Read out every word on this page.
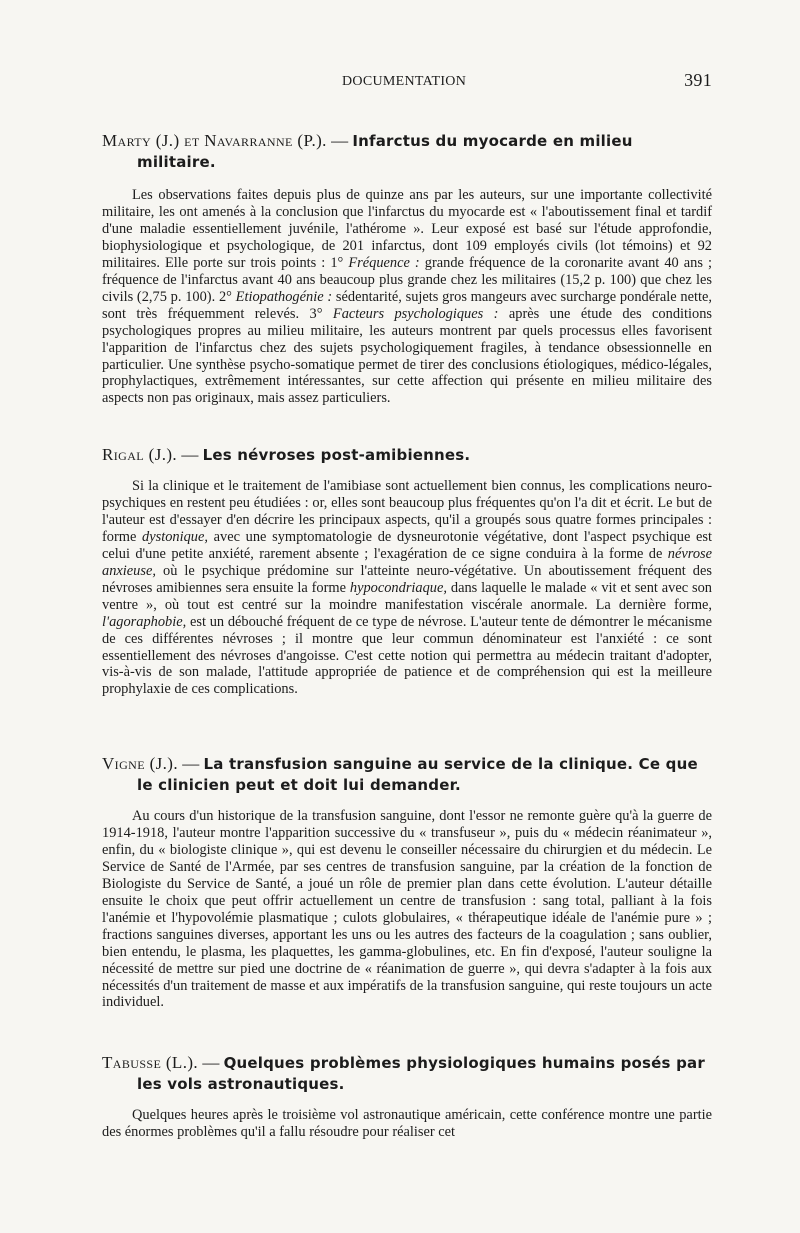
DOCUMENTATION	391

Marty (J.) et Navarranne (P.). — Infarctus du myocarde en milieu
militaire.

Les observations faites depuis plus de quinze ans par les auteurs, sur une importante collectivité militaire, les ont amenés à la conclusion que l'infarctus du myocarde est « l'aboutissement final et tardif d'une maladie essentiellement juvénile, l'athérome ». Leur exposé est basé sur l'étude approfondie, biophysiologique et psychologique, de 201 infarctus, dont 109 employés civils (lot témoins) et 92 militaires. Elle porte sur trois points : 1° Fréquence : grande fréquence de la coronarite avant 40 ans ; fréquence de l'infarctus avant 40 ans beaucoup plus grande chez les militaires (15,2 p. 100) que chez les civils (2,75 p. 100). 2° Etiopathogénie : sédentarité, sujets gros mangeurs avec surcharge pondérale nette, sont très fréquemment relevés. 3° Facteurs psychologiques : après une étude des conditions psychologiques propres au milieu militaire, les auteurs montrent par quels processus elles favorisent l'apparition de l'infarctus chez des sujets psychologiquement fragiles, à tendance obsessionnelle en particulier. Une synthèse psycho-somatique permet de tirer des conclusions étiologiques, médico-légales, prophylactiques, extrêmement intéressantes, sur cette affection qui présente en milieu militaire des aspects non pas originaux, mais assez particuliers.

Rigal (J.). — Les névroses post-amibiennes.

Si la clinique et le traitement de l'amibiase sont actuellement bien connus, les complications neuro-psychiques en restent peu étudiées : or, elles sont beaucoup plus fréquentes qu'on l'a dit et écrit. Le but de l'auteur est d'essayer d'en décrire les principaux aspects, qu'il a groupés sous quatre formes principales : forme dystonique, avec une symptomatologie de dysneurotonie végétative, dont l'aspect psychique est celui d'une petite anxiété, rarement absente ; l'exagération de ce signe conduira à la forme de névrose anxieuse, où le psychique prédomine sur l'atteinte neuro-végétative. Un aboutissement fréquent des névroses amibiennes sera ensuite la forme hypocondriaque, dans laquelle le malade « vit et sent avec son ventre », où tout est centré sur la moindre manifestation viscérale anormale. La dernière forme, l'agoraphobie, est un débouché fréquent de ce type de névrose. L'auteur tente de démontrer le mécanisme de ces différentes névroses ; il montre que leur commun dénominateur est l'anxiété : ce sont essentiellement des névroses d'angoisse. C'est cette notion qui permettra au médecin traitant d'adopter, vis-à-vis de son malade, l'attitude appropriée de patience et de compréhension qui est la meilleure prophylaxie de ces complications.

Vigne (J.). — La transfusion sanguine au service de la clinique. Ce que
le clinicien peut et doit lui demander.

Au cours d'un historique de la transfusion sanguine, dont l'essor ne remonte guère qu'à la guerre de 1914-1918, l'auteur montre l'apparition successive du « transfuseur », puis du « médecin réanimateur », enfin, du « biologiste clinique », qui est devenu le conseiller nécessaire du chirurgien et du médecin. Le Service de Santé de l'Armée, par ses centres de transfusion sanguine, par la création de la fonction de Biologiste du Service de Santé, a joué un rôle de premier plan dans cette évolution. L'auteur détaille ensuite le choix que peut offrir actuellement un centre de transfusion : sang total, palliant à la fois l'anémie et l'hypovolémie plasmatique ; culots globulaires, « thérapeutique idéale de l'anémie pure » ; fractions sanguines diverses, apportant les uns ou les autres des facteurs de la coagulation ; sans oublier, bien entendu, le plasma, les plaquettes, les gamma-globulines, etc. En fin d'exposé, l'auteur souligne la nécessité de mettre sur pied une doctrine de « réanimation de guerre », qui devra s'adapter à la fois aux nécessités d'un traitement de masse et aux impératifs de la transfusion sanguine, qui reste toujours un acte individuel.

Tabusse (L.). — Quelques problèmes physiologiques humains posés par
les vols astronautiques.

Quelques heures après le troisième vol astronautique américain, cette conférence montre une partie des énormes problèmes qu'il a fallu résoudre pour réaliser cet
